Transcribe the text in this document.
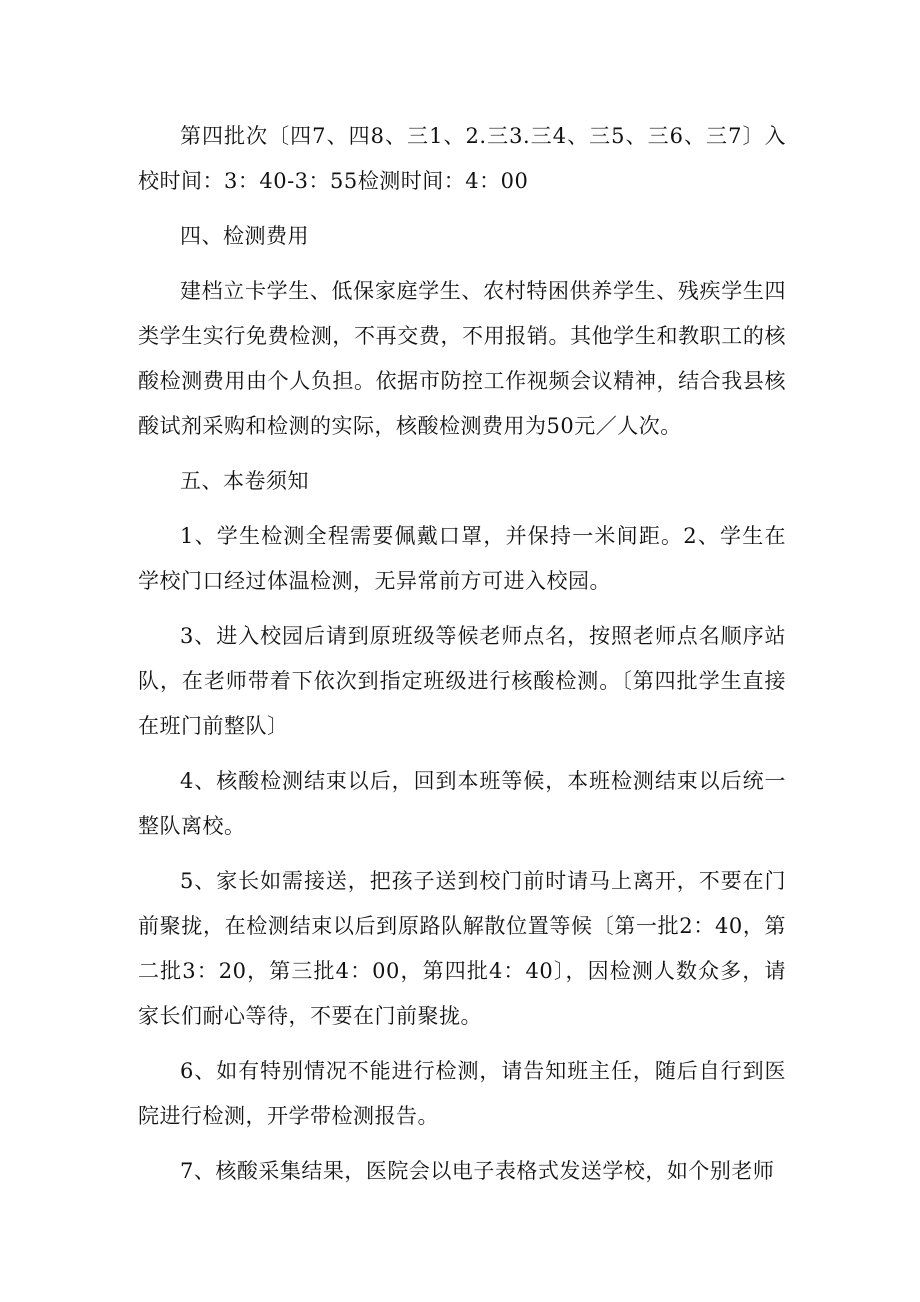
第四批次〔四7、四8、三1、2.三3.三4、三5、三6、三7〕入校时间：3：40-3：55检测时间：4：00

四、检测费用

建档立卡学生、低保家庭学生、农村特困供养学生、残疾学生四类学生实行免费检测，不再交费，不用报销。其他学生和教职工的核酸检测费用由个人负担。依据市防控工作视频会议精神，结合我县核酸试剂采购和检测的实际，核酸检测费用为50元／人次。

五、本卷须知

1、学生检测全程需要佩戴口罩，并保持一米间距。2、学生在学校门口经过体温检测，无异常前方可进入校园。

3、进入校园后请到原班级等候老师点名，按照老师点名顺序站队，在老师带着下依次到指定班级进行核酸检测。〔第四批学生直接在班门前整队〕

4、核酸检测结束以后，回到本班等候，本班检测结束以后统一整队离校。

5、家长如需接送，把孩子送到校门前时请马上离开，不要在门前聚拢，在检测结束以后到原路队解散位置等候〔第一批2：40，第二批3：20，第三批4：00，第四批4：40〕，因检测人数众多，请家长们耐心等待，不要在门前聚拢。

6、如有特别情况不能进行检测，请告知班主任，随后自行到医院进行检测，开学带检测报告。

7、核酸采集结果，医院会以电子表格式发送学校，如个别老师
